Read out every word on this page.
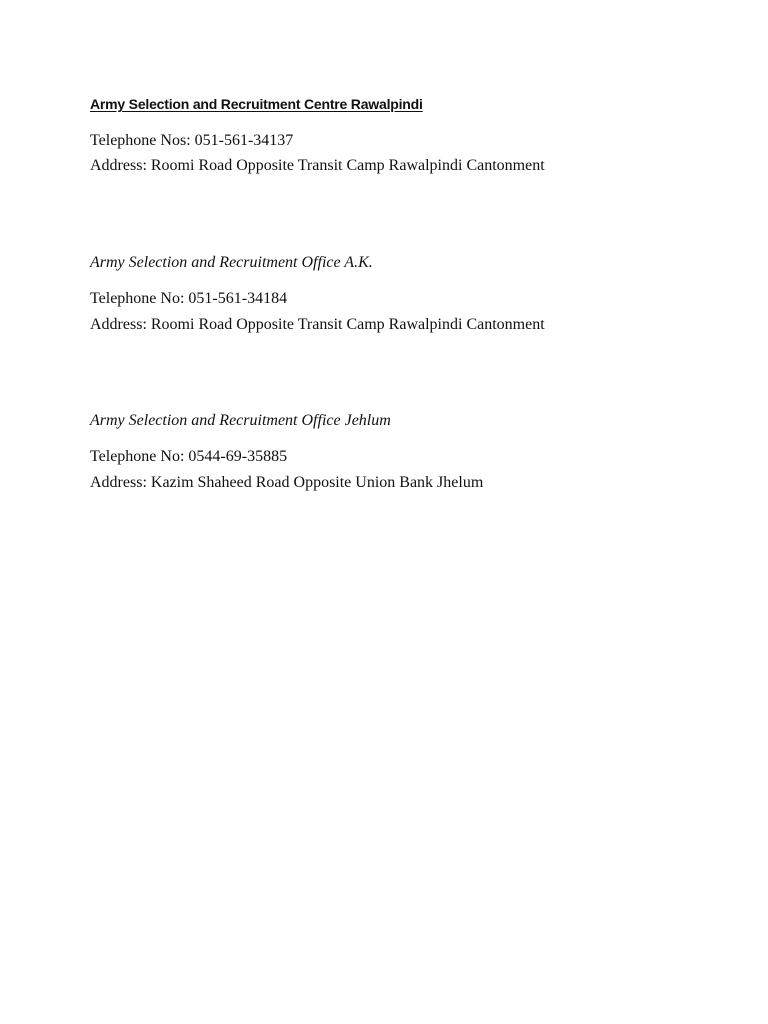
Army Selection and Recruitment Centre Rawalpindi
Telephone Nos: 051-561-34137
Address: Roomi Road Opposite Transit Camp Rawalpindi Cantonment
Army Selection and Recruitment Office A.K.
Telephone No: 051-561-34184
Address: Roomi Road Opposite Transit Camp Rawalpindi Cantonment
Army Selection and Recruitment Office Jehlum
Telephone No: 0544-69-35885
Address: Kazim Shaheed Road Opposite Union Bank Jhelum
